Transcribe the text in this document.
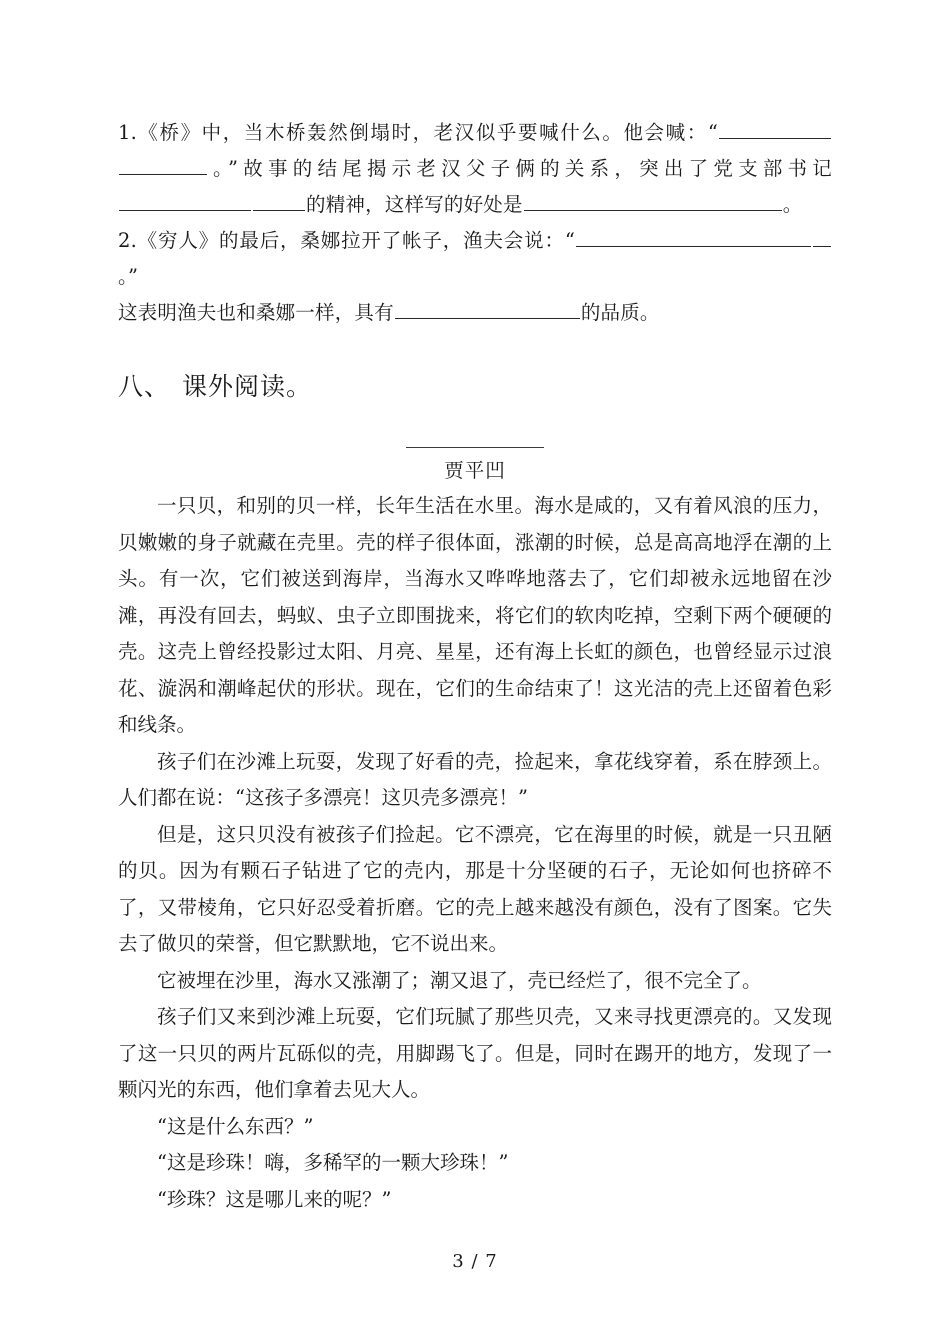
1.《桥》中，当木桥轰然倒塌时，老汉似乎要喊什么。他会喊：“。”故事的结尾揭示老汉父子俩的关系，突出了党支部书记的精神，这样写的好处是	。
2.《穷人》的最后，桑娜拉开了帐子，渔夫会说：“。”
这表明渔夫也和桑娜一样，具有	的品质。
八、 课外阅读。
贾平凹

一只贝，和别的贝一样，长年生活在水里。海水是咸的，又有着风浪的压力，贝嫩嫩的身子就藏在壳里。壳的样子很体面，涨潮的时候，总是高高地浮在潮的上头。有一次，它们被送到海岸，当海水又哗哗地落去了，它们却被永远地留在沙滩，再没有回去，蚂蚁、虫子立即围拢来，将它们的软肉吃掉，空剩下两个硬硬的壳。这壳上曾经投影过太阳、月亮、星星，还有海上长虹的颜色，也曾经显示过浪花、漩涡和潮峰起伏的形状。现在，它们的生命结束了！这光洁的壳上还留着色彩和线条。

孩子们在沙滩上玩耍，发现了好看的壳，捡起来，拿花线穿着，系在脖颈上。人们都在说：“这孩子多漂亮！这贝壳多漂亮！”

但是，这只贝没有被孩子们捡起。它不漂亮，它在海里的时候，就是一只丑陋的贝。因为有颗石子钻进了它的壳内，那是十分坚硬的石子，无论如何也挤碎不了，又带棱角，它只好忍受着折磨。它的壳上越来越没有颜色，没有了图案。它失去了做贝的荣誉，但它默默地，它不说出来。

它被埋在沙里，海水又涨潮了；潮又退了，壳已经烂了，很不完全了。

孩子们又来到沙滩上玩耍，它们玩腻了那些贝壳，又来寻找更漂亮的。又发现了这一只贝的两片瓦砾似的壳，用脚踢飞了。但是，同时在踢开的地方，发现了一颗闪光的东西，他们拿着去见大人。

“这是什么东西？”

“这是珍珠！嗨，多稀罕的一颗大珍珠！”

“珍珠？这是哪儿来的呢？”

3 / 7
